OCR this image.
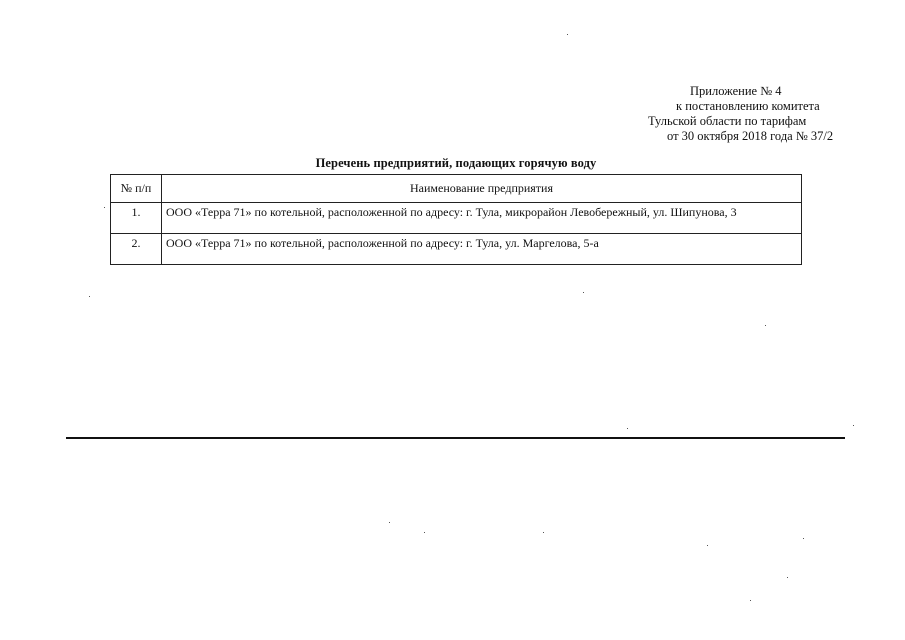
Приложение № 4
к постановлению комитета
Тульской области по тарифам
от 30 октября 2018 года № 37/2
Перечень предприятий, подающих горячую воду
№ п/п	Наименование предприятия
1.	ООО «Терра 71» по котельной, расположенной по адресу: г. Тула, микрорайон Левобережный, ул. Шипунова, 3
2.	ООО «Терра 71» по котельной, расположенной по адресу: г. Тула, ул. Маргелова, 5-а
